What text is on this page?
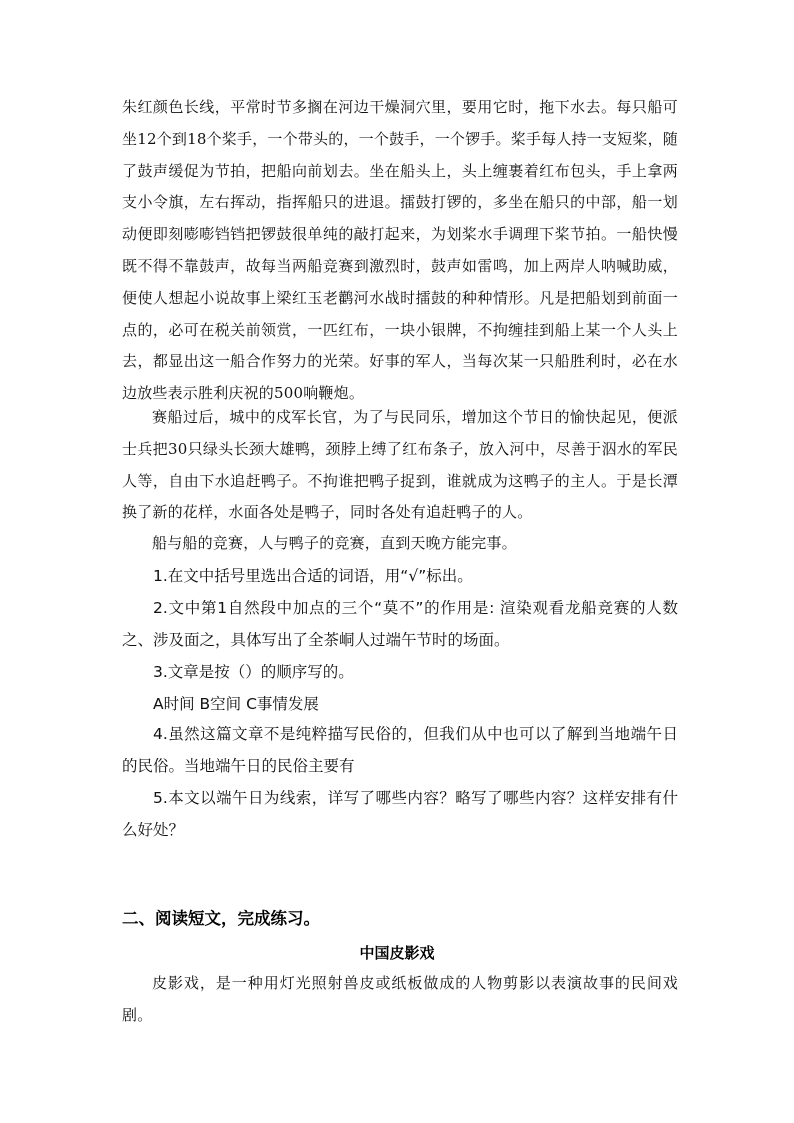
朱红颜色长线，平常时节多搁在河边干燥洞穴里，要用它时，拖下水去。每只船可坐12个到18个桨手，一个带头的，一个鼓手，一个锣手。桨手每人持一支短桨，随了鼓声缓促为节拍，把船向前划去。坐在船头上，头上缠裹着红布包头，手上拿两支小令旗，左右挥动，指挥船只的进退。擂鼓打锣的，多坐在船只的中部，船一划动便即刻嘭嘭铛铛把锣鼓很单纯的敲打起来，为划桨水手调理下桨节拍。一船快慢既不得不靠鼓声，故每当两船竞赛到激烈时，鼓声如雷鸣，加上两岸人呐喊助威，便使人想起小说故事上梁红玉老鹳河水战时擂鼓的种种情形。凡是把船划到前面一点的，必可在税关前领赏，一匹红布，一块小银牌，不拘缠挂到船上某一个人头上去，都显出这一船合作努力的光荣。好事的军人，当每次某一只船胜利时，必在水边放些表示胜利庆祝的500响鞭炮。

赛船过后，城中的戍军长官，为了与民同乐，增加这个节日的愉快起见，便派士兵把30只绿头长颈大雄鸭，颈脖上缚了红布条子，放入河中，尽善于泅水的军民人等，自由下水追赶鸭子。不拘谁把鸭子捉到，谁就成为这鸭子的主人。于是长潭换了新的花样，水面各处是鸭子，同时各处有追赶鸭子的人。

船与船的竞赛，人与鸭子的竞赛，直到天晚方能完事。

1.在文中括号里选出合适的词语，用“√”标出。

2.文中第1自然段中加点的三个“莫不”的作用是: 渲染观看龙船竞赛的人数之、涉及面之，具体写出了全茶峒人过端午节时的场面。

3.文章是按（）的顺序写的。

A时间 B空间 C事情发展

4.虽然这篇文章不是纯粹描写民俗的，但我们从中也可以了解到当地端午日的民俗。当地端午日的民俗主要有

5.本文以端午日为线索，详写了哪些内容？略写了哪些内容？这样安排有什么好处？

二、阅读短文，完成练习。
中国皮影戏

皮影戏，是一种用灯光照射兽皮或纸板做成的人物剪影以表演故事的民间戏剧。
